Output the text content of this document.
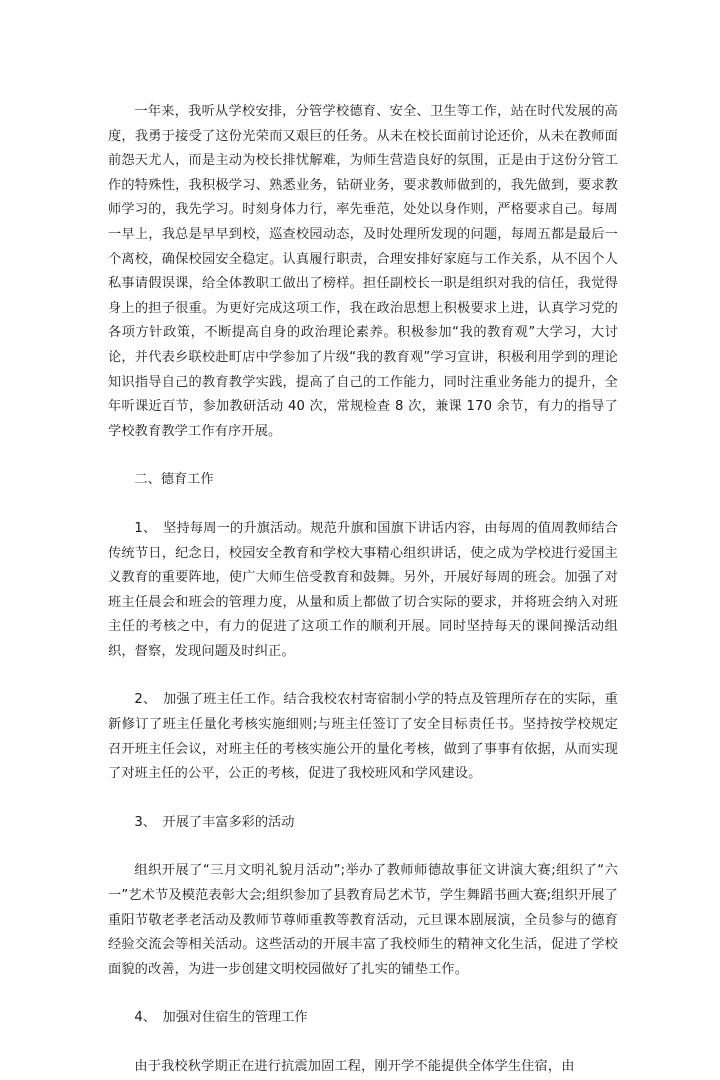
一年来，我听从学校安排，分管学校德育、安全、卫生等工作，站在时代发展的高度，我勇于接受了这份光荣而又艰巨的任务。从未在校长面前讨论还价，从未在教师面前怨天尤人，而是主动为校长排忧解难，为师生营造良好的氛围，正是由于这份分管工作的特殊性，我积极学习、熟悉业务，钻研业务，要求教师做到的，我先做到，要求教师学习的，我先学习。时刻身体力行，率先垂范，处处以身作则，严格要求自己。每周一早上，我总是早早到校，巡查校园动态，及时处理所发现的问题，每周五都是最后一个离校，确保校园安全稳定。认真履行职责，合理安排好家庭与工作关系，从不因个人私事请假误课，给全体教职工做出了榜样。担任副校长一职是组织对我的信任，我觉得身上的担子很重。为更好完成这项工作，我在政治思想上积极要求上进，认真学习党的各项方针政策，不断提高自身的政治理论素养。积极参加“我的教育观”大学习，大讨论，并代表乡联校赴町店中学参加了片级“我的教育观”学习宣讲，积极利用学到的理论知识指导自己的教育教学实践，提高了自己的工作能力，同时注重业务能力的提升，全年听课近百节，参加教研活动 40 次，常规检查 8 次，兼课 170 余节，有力的指导了学校教育教学工作有序开展。

二、德育工作

1、　坚持每周一的升旗活动。规范升旗和国旗下讲话内容，由每周的值周教师结合传统节日，纪念日，校园安全教育和学校大事精心组织讲话，使之成为学校进行爱国主义教育的重要阵地，使广大师生倍受教育和鼓舞。另外，开展好每周的班会。加强了对班主任晨会和班会的管理力度，从量和质上都做了切合实际的要求，并将班会纳入对班主任的考核之中，有力的促进了这项工作的顺利开展。同时坚持每天的课间操活动组织，督察，发现问题及时纠正。

2、　加强了班主任工作。结合我校农村寄宿制小学的特点及管理所存在的实际，重新修订了班主任量化考核实施细则;与班主任签订了安全目标责任书。坚持按学校规定召开班主任会议，对班主任的考核实施公开的量化考核，做到了事事有依据，从而实现了对班主任的公平，公正的考核，促进了我校班风和学风建设。

3、　开展了丰富多彩的活动

组织开展了“三月文明礼貌月活动”;举办了教师师德故事征文讲演大赛;组织了“六一”艺术节及模范表彰大会;组织参加了县教育局艺术节，学生舞蹈书画大赛;组织开展了重阳节敬老孝老活动及教师节尊师重教等教育活动，元旦课本剧展演，全员参与的德育经验交流会等相关活动。这些活动的开展丰富了我校师生的精神文化生活，促进了学校面貌的改善，为进一步创建文明校园做好了扎实的铺垫工作。

4、　加强对住宿生的管理工作

由于我校秋学期正在进行抗震加固工程，刚开学不能提供全体学生住宿，由
